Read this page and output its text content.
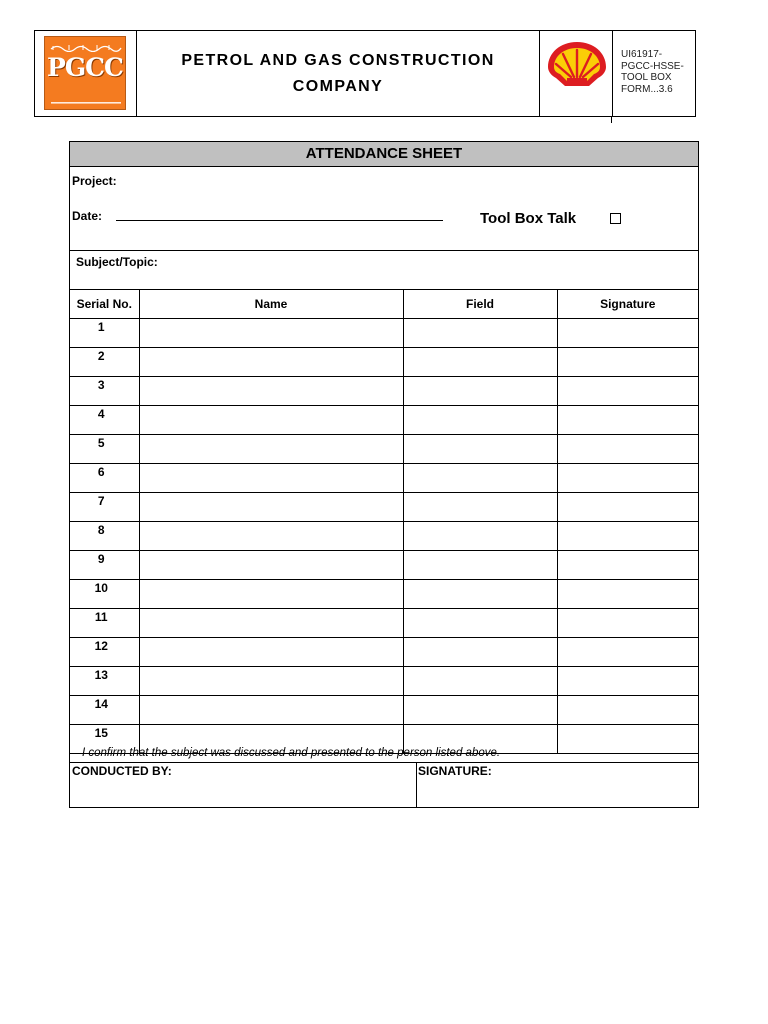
PGCC	PETROL AND GAS CONSTRUCTION
COMPANY
UI61917-
PGCC-HSSE-
TOOL BOX
FORM...3.6
ATTENDANCE SHEET
Project:
Date:	Tool Box Talk
Subject/Topic:
Serial No.	Name	Field	Signature
1			
2			
3			
4			
5			
6			
7			
8			
9			
10			
11			
12			
13			
14			
15			
I confirm that the subject was discussed and presented to the person listed above.
CONDUCTED BY:	SIGNATURE:
